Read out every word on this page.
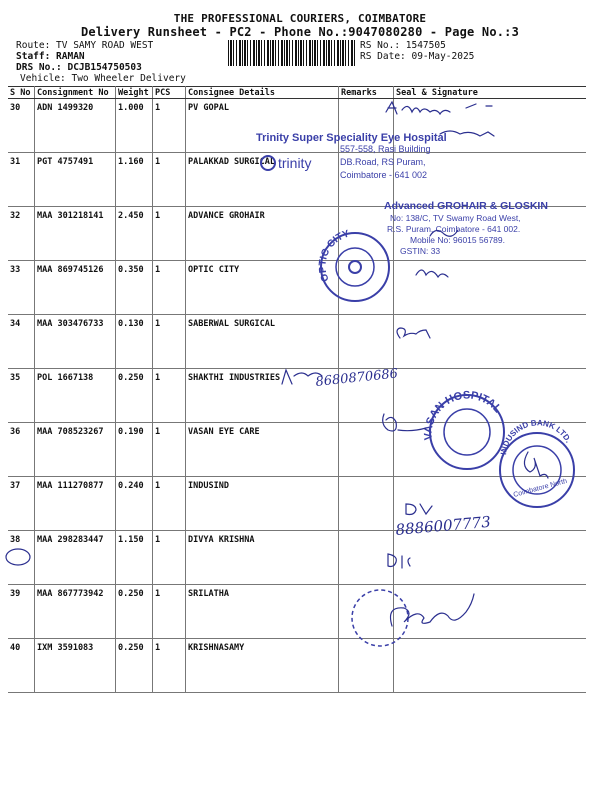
THE PROFESSIONAL COURIERS, COIMBATORE
Delivery Runsheet - PC2 - Phone No.:9047080280 - Page No.:3
Route: TV SAMY ROAD WEST
Staff: RAMAN
DRS No.: DCJB154750503
Vehicle: Two Wheeler Delivery
RS No.: 1547505
RS Date: 09-May-2025
S No	Consignment No	Weight	PCS	Consignee Details	Remarks	Seal & Signature
30	ADN 1499320	1.000	1	PV GOPAL		
31	PGT 4757491	1.160	1	PALAKKAD SURGICAL		
32	MAA 301218141	2.450	1	ADVANCE GROHAIR		
33	MAA 869745126	0.350	1	OPTIC CITY		
34	MAA 303476733	0.130	1	SABERWAL SURGICAL		
35	POL 1667138	0.250	1	SHAKTHI INDUSTRIES		
36	MAA 708523267	0.190	1	VASAN EYE CARE		
37	MAA 111270877	0.240	1	INDUSIND		
38	MAA 298283447	1.150	1	DIVYA KRISHNA		
39	MAA 867773942	0.250	1	SRILATHA		
40	IXM 3591083	0.250	1	KRISHNASAMY		
Trinity Super Speciality Eye Hospital
557-558, Rasi Building
DB.Road, RS Puram,
Coimbatore - 641 002
trinity
Advanced GROHAIR & GLOSKIN
No: 138/C, TV Swamy Road West,
R.S. Puram, Coimbatore - 641 002.
Mobile No: 96015 56789.
GSTIN: 33
OPTIC CITY
8680870686
VASAN HOSPITAL
INDUSIND BANK LTD.
Coimbatore North
8886007773
